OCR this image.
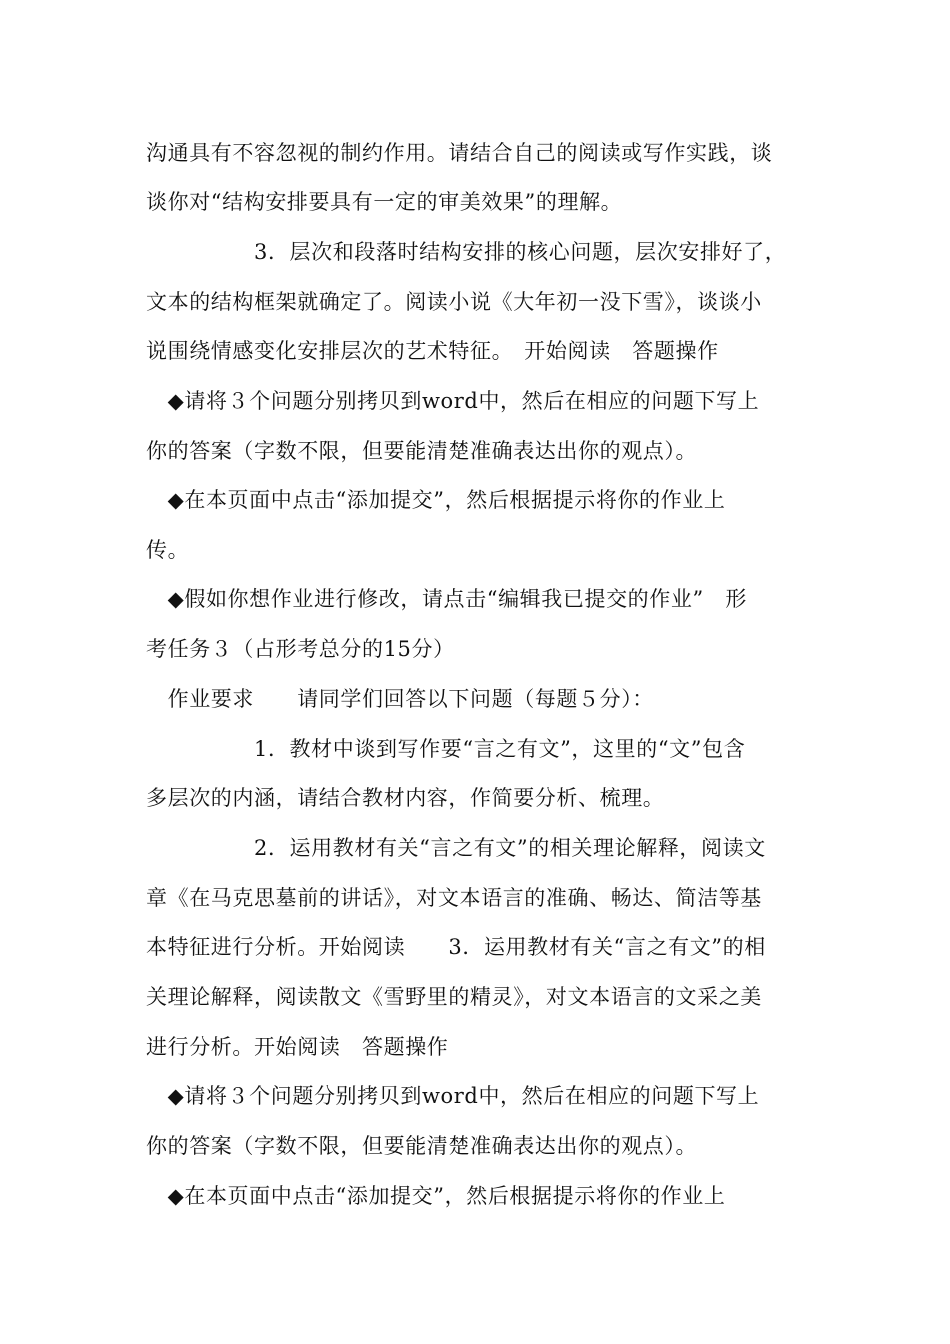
沟通具有不容忽视的制约作用。请结合自己的阅读或写作实践，谈
谈你对“结构安排要具有一定的审美效果”的理解。
　　　　　3．层次和段落时结构安排的核心问题，层次安排好了，
文本的结构框架就确定了。阅读小说《大年初一没下雪》，谈谈小
说围绕情感变化安排层次的艺术特征。　开始阅读　答题操作
　◆请将３个问题分别拷贝到word中，然后在相应的问题下写上
你的答案（字数不限，但要能清楚准确表达出你的观点）。
　◆在本页面中点击“添加提交”，然后根据提示将你的作业上
传。
　◆假如你想作业进行修改，请点击“编辑我已提交的作业”　形
考任务３（占形考总分的15分）
　作业要求　　请同学们回答以下问题（每题５分）：
　　　　　1．教材中谈到写作要“言之有文”，这里的“文”包含
多层次的内涵，请结合教材内容，作简要分析、梳理。
　　　　　2．运用教材有关“言之有文”的相关理论解释，阅读文
章《在马克思墓前的讲话》，对文本语言的准确、畅达、简洁等基
本特征进行分析。开始阅读　　3．运用教材有关“言之有文”的相
关理论解释，阅读散文《雪野里的精灵》，对文本语言的文采之美
进行分析。开始阅读　答题操作
　◆请将３个问题分别拷贝到word中，然后在相应的问题下写上
你的答案（字数不限，但要能清楚准确表达出你的观点）。
　◆在本页面中点击“添加提交”，然后根据提示将你的作业上
